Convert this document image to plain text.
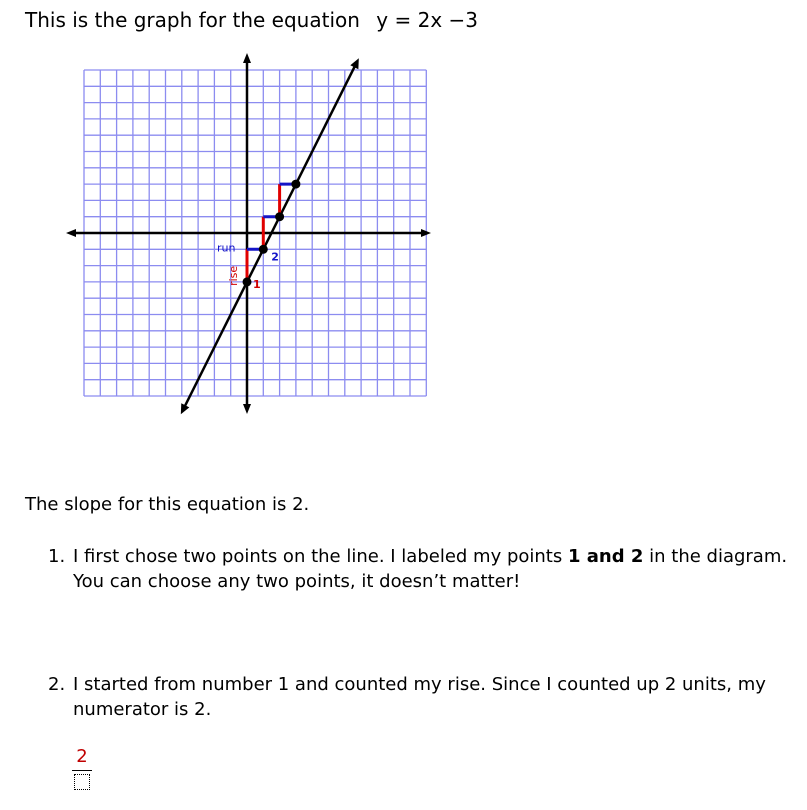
This is the graph for the equation y = 2x −3
1
2
rise
run
The slope for this equation is 2.
1. I first chose two points on the line. I labeled my points 1 and 2 in the diagram. You can choose any two points, it doesn’t matter!
2. I started from number 1 and counted my rise. Since I counted up 2 units, my numerator is 2.
2
